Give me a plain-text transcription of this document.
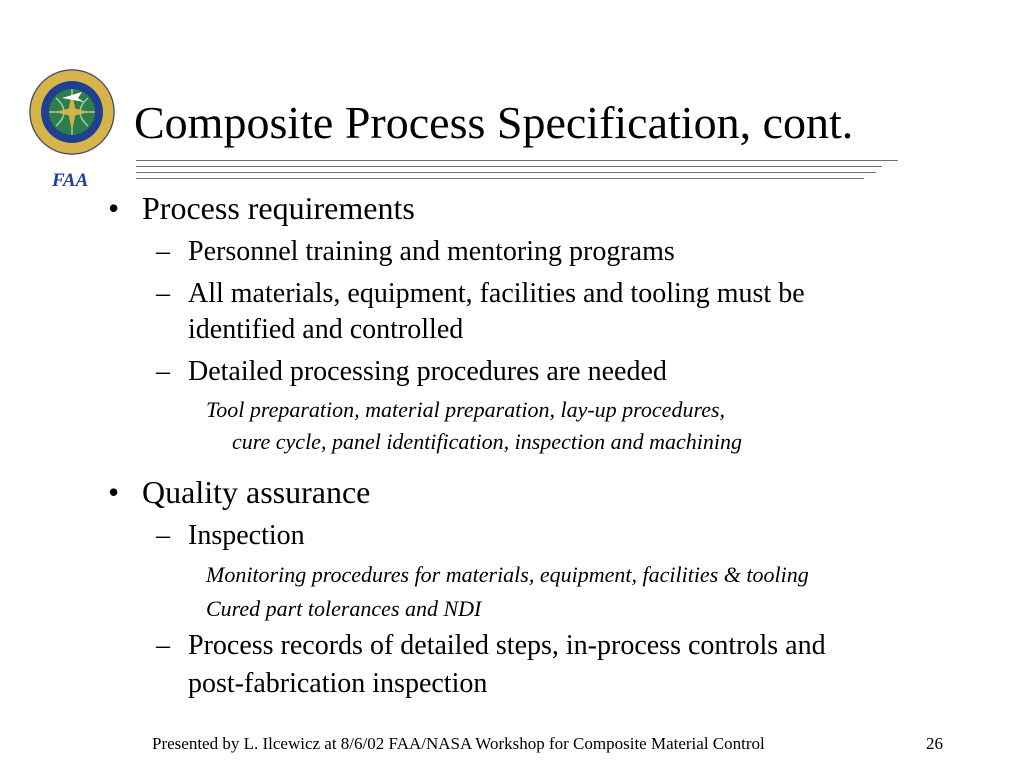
FAA
Composite Process Specification, cont.
• Process requirements
– Personnel training and mentoring programs
– All materials, equipment, facilities and tooling must be
identified and controlled
– Detailed processing procedures are needed
Tool preparation, material preparation, lay-up procedures,
cure cycle, panel identification, inspection and machining
• Quality assurance
– Inspection
Monitoring procedures for materials, equipment, facilities & tooling
Cured part tolerances and NDI
– Process records of detailed steps, in-process controls and
post-fabrication inspection
Presented by L. Ilcewicz at 8/6/02 FAA/NASA Workshop for Composite Material Control	26
